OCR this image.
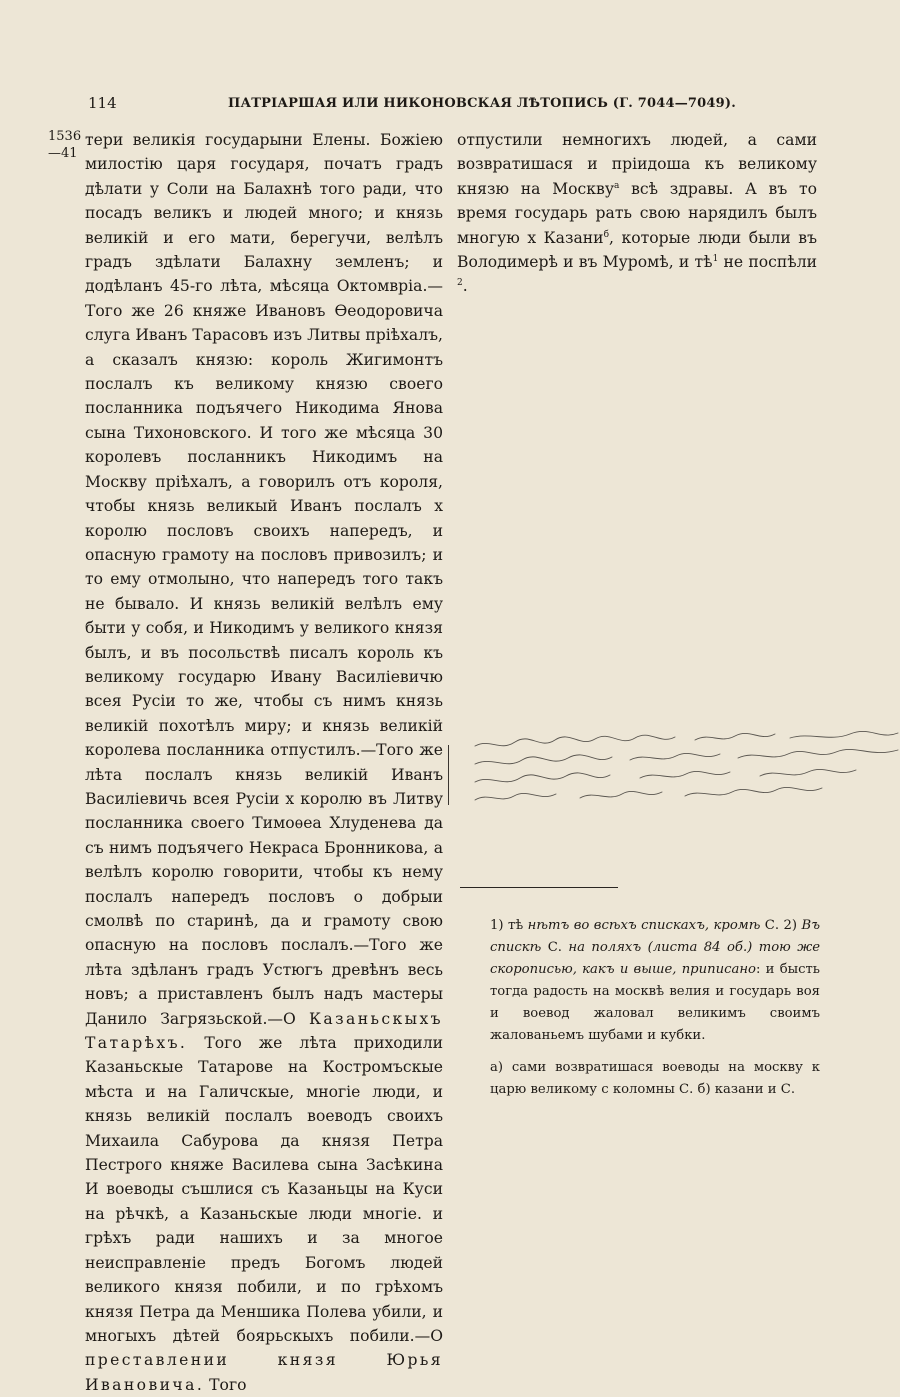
114	ПАТРІАРШАЯ ИЛИ НИКОНОВСКАЯ ЛѢТОПИСЬ (Г. 7044—7049).
1536
—41

тери великія государыни Елены. Божіею милостію царя государя, початъ градъ дѣлати у Соли на Балахнѣ того ради, что посадъ великъ и людей много; и князь великій и его мати, берегучи, велѣлъ градъ здѣлати Балахну земленъ; и додѣланъ 45-го лѣта, мѣсяца Октомвріа.—Того же 26 княже Ивановъ Ѳеодоровича слуга Иванъ Тарасовъ изъ Литвы пріѣхалъ, а сказалъ князю: король Жигимонтъ послалъ къ великому князю своего посланника подъячего Никодима Янова сына Тихоновского. И того же мѣсяца 30 королевъ посланникъ Никодимъ на Москву пріѣхалъ, а говорилъ отъ короля, чтобы князь великый Иванъ послалъ х королю пословъ своихъ напередъ, и опасную грамоту на пословъ привозилъ; и то ему отмолыно, что напередъ того такъ не бывало. И князь великій велѣлъ ему быти у собя, и Никодимъ у великого князя былъ, и въ посольствѣ писалъ король къ великому государю Ивану Василіевичю всея Русіи то же, чтобы съ нимъ князь великій похотѣлъ миру; и князь великій королева посланника отпустилъ.—Того же лѣта послалъ князь великій Иванъ Василіевичь всея Русіи х королю въ Литву посланника своего Тимоѳеа Хлуденева да съ нимъ подъячего Некраса Бронникова, а велѣлъ королю говорити, чтобы къ нему послалъ напередъ пословъ о добрыи смолвѣ по старинѣ, да и грамоту свою опасную на пословъ послалъ.—Того же лѣта здѣланъ градъ Устюгъ древѣнъ весь новъ; а приставленъ былъ надъ мастеры Данило Загрязьской.—О Казаньскыхъ Татарѣхъ. Того же лѣта приходили Казаньскые Татарове на Костромъскые мѣста и на Галичскые, многіе люди, и князь великій послалъ воеводъ своихъ Михаила Сабурова да князя Петра Пестрого княже Василева сына Засѣкина И воеводы съшлися съ Казаньцы на Куси на рѣчкѣ, а Казаньскые люди многіе. и грѣхъ ради нашихъ и за многое неисправленіе предъ Богомъ людей великого князя побили, и по грѣхомъ князя Петра да Меншика Полева убили, и многыхъ дѣтей боярьскыхъ побили.—О преставлении князя Юрья Ивановича. Того

отпустили немногихъ людей, а сами возвратишася и пріидоша къ великому князю на Москву$^а$ всѣ здравы. А въ то время государь рать свою нарядилъ былъ многую х Казани$^б$, которые люди были въ Володимерѣ и въ Муромѣ, и $тѣ^1$ не поспѣли $^2$.

1) тѣ нѣтъ во всѣхъ спискахъ, кромѣ С. 2) Въ спискѣ С. на поляхъ (листа 84 об.) тою же скорописью, какъ и выше, приписано: и бысть тогда радость на москвѣ велия и государь воя и воевод жаловал великимъ своимъ жалованьемъ шубами и кубки.

а) сами возвратишася воеводы на москву к царю великому с коломны С. б) казани и С.
